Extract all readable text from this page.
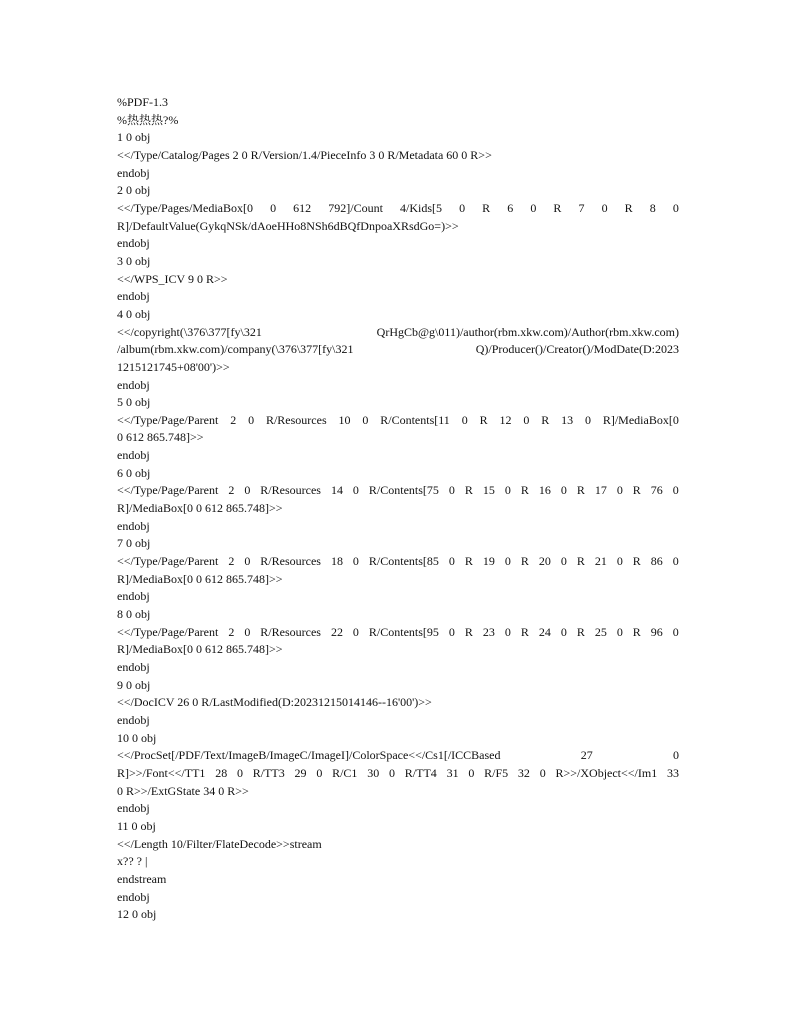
%PDF-1.3
%热热热?%
1 0 obj
<</Type/Catalog/Pages 2 0 R/Version/1.4/PieceInfo 3 0 R/Metadata 60 0 R>>
endobj
2 0 obj
<</Type/Pages/MediaBox[0 0 612 792]/Count 4/Kids[5 0 R 6 0 R 7 0 R 8 0
R]/DefaultValue(GykqNSk/dAoeHHo8NSh6dBQfDnpoaXRsdGo=)>>
endobj
3 0 obj
<</WPS_ICV 9 0 R>>
endobj
4 0 obj
<</copyright(\376\377[fy\321	QrHgCb@g\011)/author(rbm.xkw.com)/Author(rbm.xkw.com)
/album(rbm.xkw.com)/company(\376\377[fy\321	Q)/Producer()/Creator()/ModDate(D:2023
1215121745+08'00')>>
endobj
5 0 obj
<</Type/Page/Parent 2 0 R/Resources 10 0 R/Contents[11 0 R 12 0 R 13 0 R]/MediaBox[0
0 612 865.748]>>
endobj
6 0 obj
<</Type/Page/Parent 2 0 R/Resources 14 0 R/Contents[75 0 R 15 0 R 16 0 R 17 0 R 76 0
R]/MediaBox[0 0 612 865.748]>>
endobj
7 0 obj
<</Type/Page/Parent 2 0 R/Resources 18 0 R/Contents[85 0 R 19 0 R 20 0 R 21 0 R 86 0
R]/MediaBox[0 0 612 865.748]>>
endobj
8 0 obj
<</Type/Page/Parent 2 0 R/Resources 22 0 R/Contents[95 0 R 23 0 R 24 0 R 25 0 R 96 0
R]/MediaBox[0 0 612 865.748]>>
endobj
9 0 obj
<</DocICV 26 0 R/LastModified(D:20231215014146--16'00')>>
endobj
10 0 obj
<</ProcSet[/PDF/Text/ImageB/ImageC/ImageI]/ColorSpace<</Cs1[/ICCBased	27	0
R]>>/Font<</TT1 28 0 R/TT3 29 0 R/C1 30 0 R/TT4 31 0 R/F5 32 0 R>>/XObject<</Im1 33
0 R>>/ExtGState 34 0 R>>
endobj
11 0 obj
<</Length 10/Filter/FlateDecode>>stream
x?? ? |
endstream
endobj
12 0 obj
